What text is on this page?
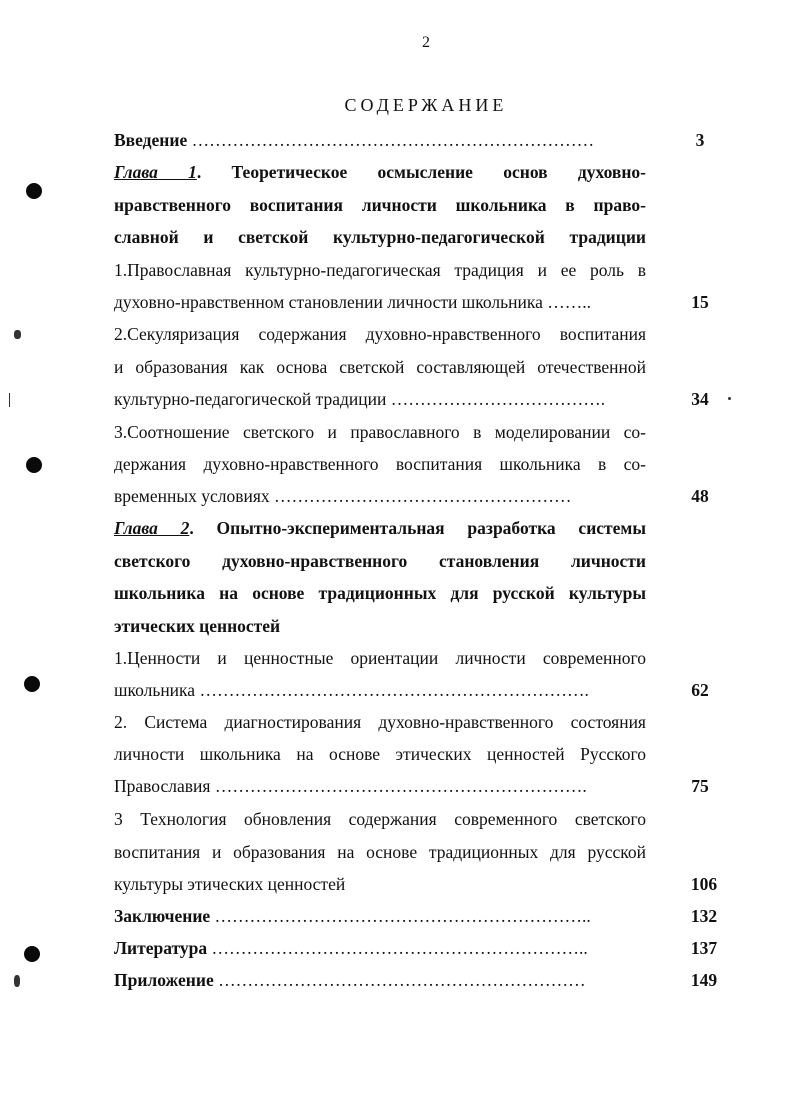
2
СОДЕРЖАНИЕ
Введение ……………………………………………………………	3
Глава 1. Теоретическое осмысление основ духовно-
нравственного воспитания личности школьника в право-
славной и светской культурно-педагогической традиции
1.Православная культурно-педагогическая традиция и ее роль в
духовно-нравственном становлении личности школьника ……..	15
2.Секуляризация содержания духовно-нравственного воспитания
и образования как основа светской составляющей отечественной
культурно-педагогической традиции ……………………………….	34
3.Соотношение светского и православного в моделировании со-
держания духовно-нравственного воспитания школьника в со-
временных условиях ……………………………………………	48
Глава 2. Опытно-экспериментальная разработка системы
светского духовно-нравственного становления личности
школьника на основе традиционных для русской культуры
этических ценностей
1.Ценности и ценностные ориентации личности современного
школьника ………………………………………………………….	62
2. Система диагностирования духовно-нравственного состояния
личности школьника на основе этических ценностей Русского
Православия ……………………………………………………….	75
3 Технология обновления содержания современного светского
воспитания и образования на основе традиционных для русской
культуры этических ценностей	106
Заключение ………………………………………………………..	132
Литература ………………………………………………………..	137
Приложение ………………………………………………………	149
